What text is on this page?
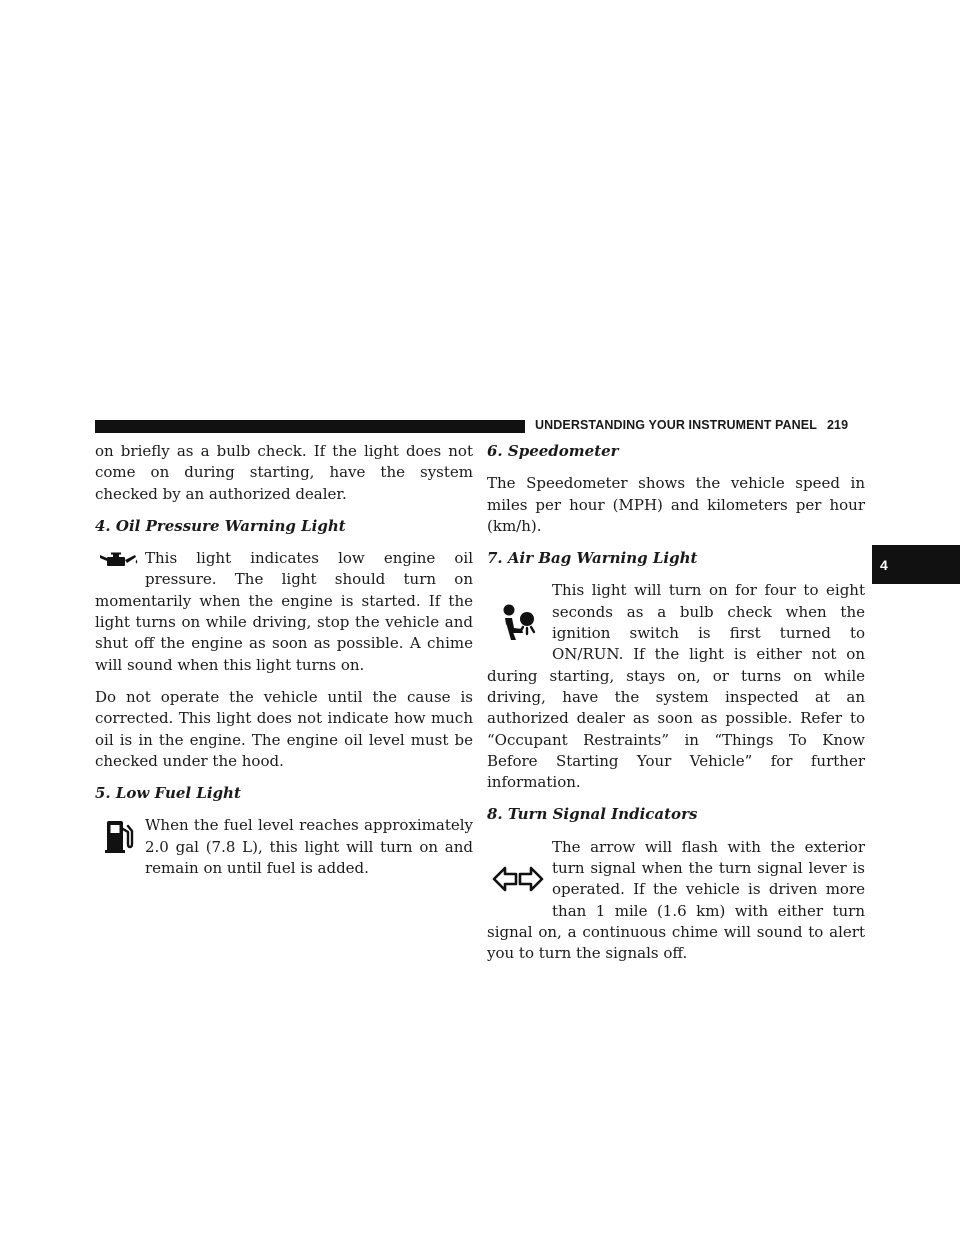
UNDERSTANDING YOUR INSTRUMENT PANEL 219
4

on briefly as a bulb check. If the light does not come on during starting, have the system checked by an authorized dealer.

4. Oil Pressure Warning Light

This light indicates low engine oil pressure. The light should turn on momentarily when the engine is started. If the light turns on while driving, stop the vehicle and shut off the engine as soon as possible. A chime will sound when this light turns on.

Do not operate the vehicle until the cause is corrected. This light does not indicate how much oil is in the engine. The engine oil level must be checked under the hood.

5. Low Fuel Light

When the fuel level reaches approximately 2.0 gal (7.8 L), this light will turn on and remain on until fuel is added.

6. Speedometer

The Speedometer shows the vehicle speed in miles per hour (MPH) and kilometers per hour (km/h).

7. Air Bag Warning Light

This light will turn on for four to eight seconds as a bulb check when the ignition switch is first turned to ON/RUN. If the light is either not on during starting, stays on, or turns on while driving, have the system inspected at an authorized dealer as soon as possible. Refer to “Occupant Restraints” in “Things To Know Before Starting Your Vehicle” for further information.

8. Turn Signal Indicators

The arrow will flash with the exterior turn signal when the turn signal lever is operated. If the vehicle is driven more than 1 mile (1.6 km) with either turn signal on, a continuous chime will sound to alert you to turn the signals off.
